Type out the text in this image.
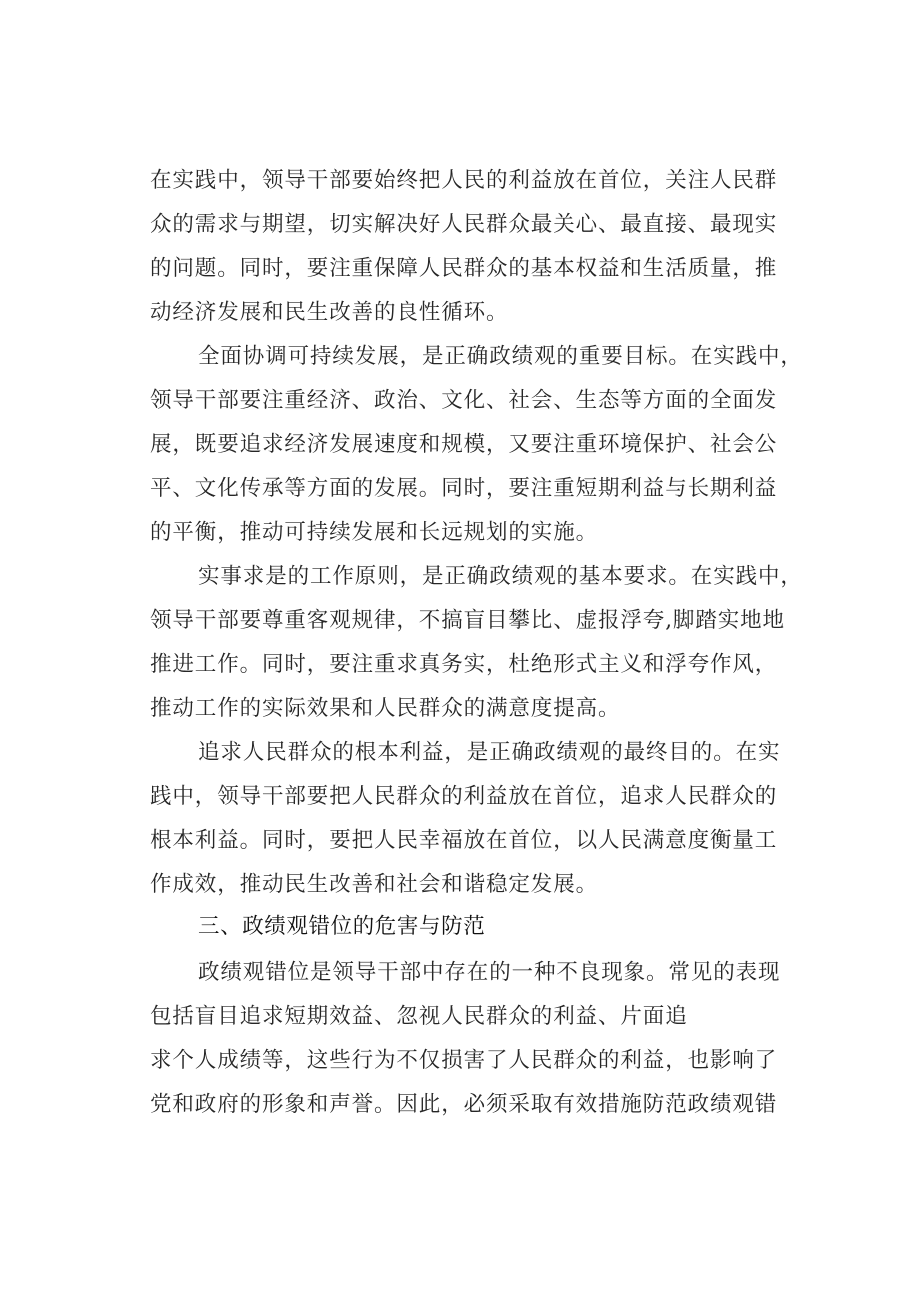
在实践中，领导干部要始终把人民的利益放在首位，关注人民群
众的需求与期望，切实解决好人民群众最关心、最直接、最现实
的问题。同时，要注重保障人民群众的基本权益和生活质量，推
动经济发展和民生改善的良性循环。
全面协调可持续发展，是正确政绩观的重要目标。在实践中，
领导干部要注重经济、政治、文化、社会、生态等方面的全面发
展，既要追求经济发展速度和规模，又要注重环境保护、社会公
平、文化传承等方面的发展。同时，要注重短期利益与长期利益
的平衡，推动可持续发展和长远规划的实施。
实事求是的工作原则，是正确政绩观的基本要求。在实践中，
领导干部要尊重客观规律，不搞盲目攀比、虚报浮夸,脚踏实地地
推进工作。同时，要注重求真务实，杜绝形式主义和浮夸作风，
推动工作的实际效果和人民群众的满意度提高。
追求人民群众的根本利益，是正确政绩观的最终目的。在实
践中，领导干部要把人民群众的利益放在首位，追求人民群众的
根本利益。同时，要把人民幸福放在首位，以人民满意度衡量工
作成效，推动民生改善和社会和谐稳定发展。
三、政绩观错位的危害与防范
政绩观错位是领导干部中存在的一种不良现象。常见的表现
包括盲目追求短期效益、忽视人民群众的利益、片面追
求个人成绩等，这些行为不仅损害了人民群众的利益，也影响了
党和政府的形象和声誉。因此，必须采取有效措施防范政绩观错
